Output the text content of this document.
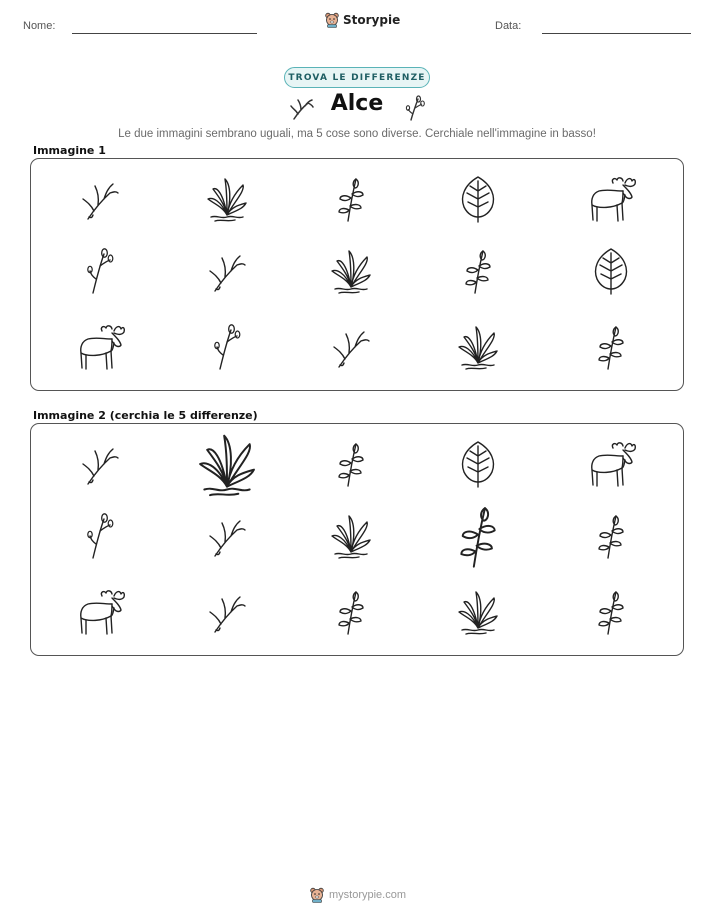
Nome:	Storypie	Data:
TROVA LE DIFFERENZE
Alce
Le due immagini sembrano uguali, ma 5 cose sono diverse. Cerchiale nell'immagine in basso!
Immagine 1
Immagine 2 (cerchia le 5 differenze)
mystorypie.com
